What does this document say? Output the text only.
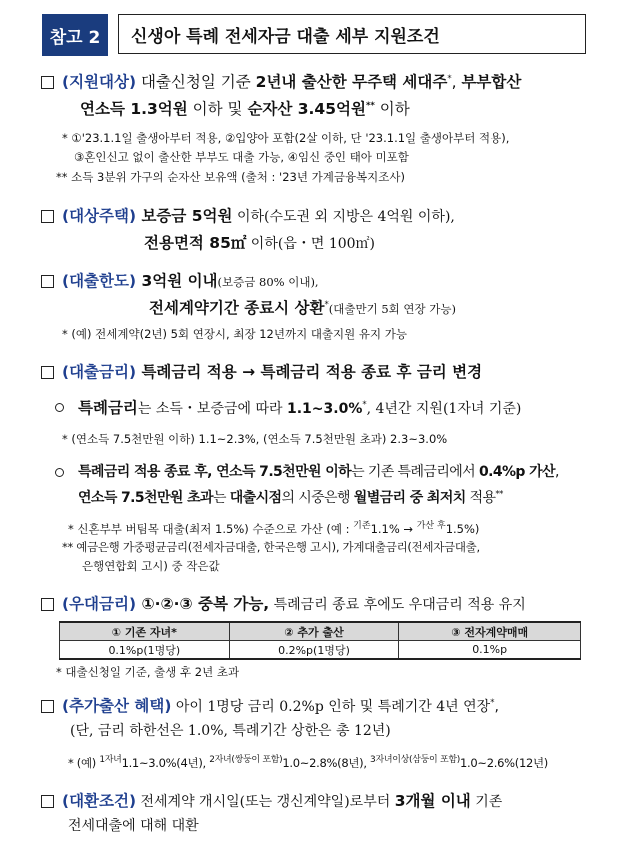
참고 2	신생아 특례 전세자금 대출 세부 지원조건
(지원대상) 대출신청일 기준 2년내 출산한 무주택 세대주*, 부부합산
연소득 1.3억원 이하 및 순자산 3.45억원** 이하
* ①'23.1.1일 출생아부터 적용, ②입양아 포함(2살 이하, 단 '23.1.1일 출생아부터 적용),
③혼인신고 없이 출산한 부부도 대출 가능, ④임신 중인 태아 미포함
** 소득 3분위 가구의 순자산 보유액 (출처 : '23년 가계금융복지조사)
(대상주택) 보증금 5억원 이하(수도권 외 지방은 4억원 이하),
전용면적 85㎡ 이하(읍・면 100㎡)
(대출한도) 3억원 이내(보증금 80% 이내),
전세계약기간 종료시 상환*(대출만기 5회 연장 가능)
* (예) 전세계약(2년) 5회 연장시, 최장 12년까지 대출지원 유지 가능
(대출금리) 특례금리 적용 → 특례금리 적용 종료 후 금리 변경
특례금리는 소득・보증금에 따라 1.1~3.0%*, 4년간 지원(1자녀 기준)
* (연소득 7.5천만원 이하) 1.1~2.3%, (연소득 7.5천만원 초과) 2.3~3.0%
특례금리 적용 종료 후, 연소득 7.5천만원 이하는 기존 특례금리에서 0.4%p 가산,
연소득 7.5천만원 초과는 대출시점의 시중은행 월별금리 중 최저치 적용**
* 신혼부부 버팀목 대출(최저 1.5%) 수준으로 가산 (예 : $^{기존}$1.1% → $^{가산 후}$1.5%)
** 예금은행 가중평균금리(전세자금대출, 한국은행 고시), 가계대출금리(전세자금대출,
은행연합회 고시) 중 작은값
(우대금리) ①·②·③ 중복 가능, 특례금리 종료 후에도 우대금리 적용 유지
① 기존 자녀*	② 추가 출산	③ 전자계약매매
0.1%p(1명당)	0.2%p(1명당)	0.1%p
* 대출신청일 기준, 출생 후 2년 초과
(추가출산 혜택) 아이 1명당 금리 0.2%p 인하 및 특례기간 4년 연장*,
(단, 금리 하한선은 1.0%, 특례기간 상한은 총 12년)
* (예) $^{1자녀}$1.1~3.0%(4년), $^{2자녀(쌍둥이 포함)}$1.0~2.8%(8년), $^{3자녀이상(삼둥이 포함)}$1.0~2.6%(12년)
(대환조건) 전세계약 개시일(또는 갱신계약일)로부터 3개월 이내 기존
전세대출에 대해 대환
